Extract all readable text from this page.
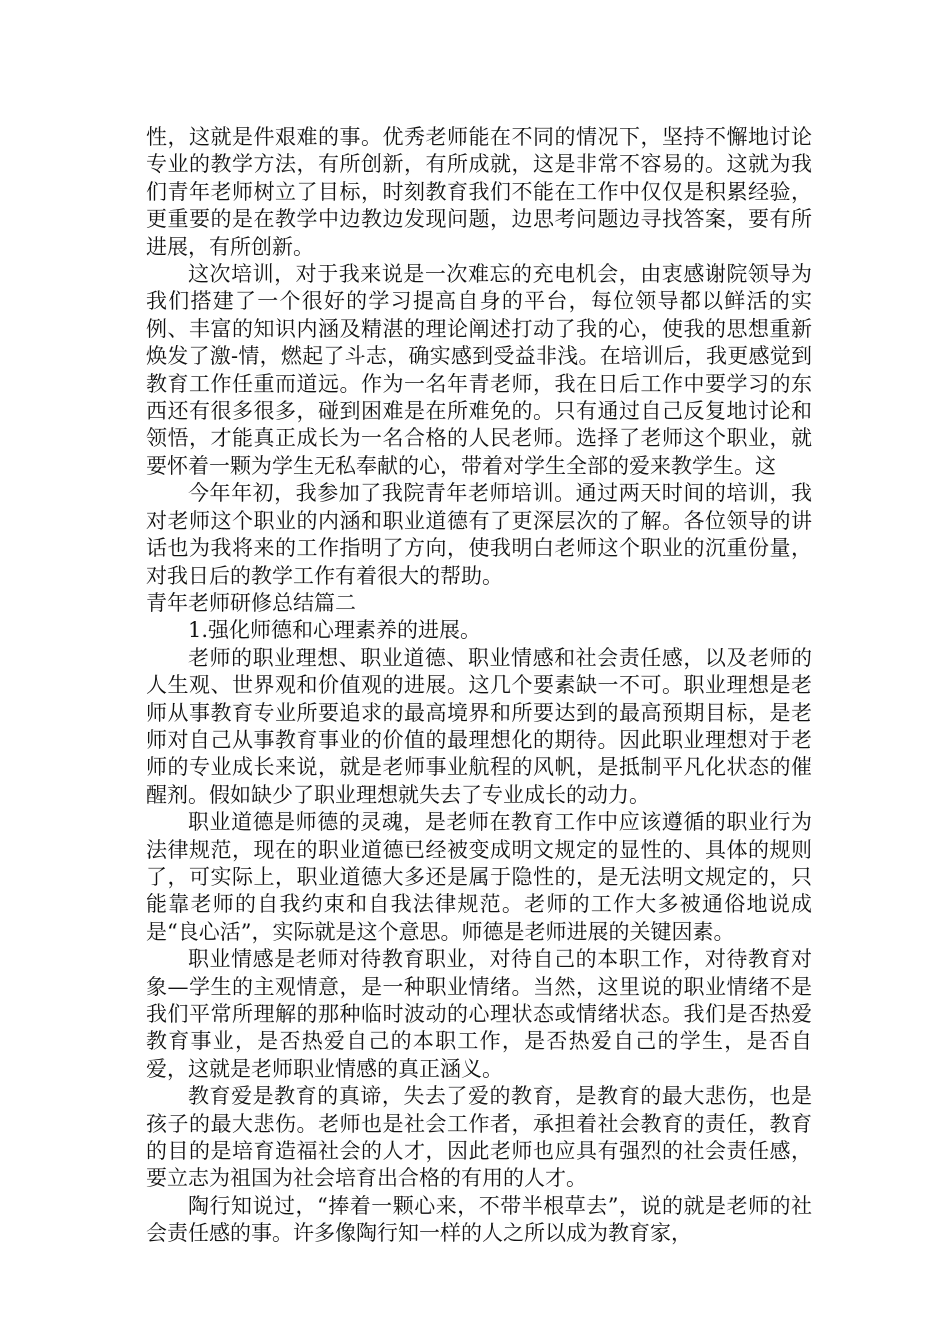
性，这就是件艰难的事。优秀老师能在不同的情况下，坚持不懈地讨论专业的教学方法，有所创新，有所成就，这是非常不容易的。这就为我们青年老师树立了目标，时刻教育我们不能在工作中仅仅是积累经验，更重要的是在教学中边教边发现问题，边思考问题边寻找答案，要有所进展，有所创新。

这次培训，对于我来说是一次难忘的充电机会，由衷感谢院领导为我们搭建了一个很好的学习提高自身的平台，每位领导都以鲜活的实例、丰富的知识内涵及精湛的理论阐述打动了我的心，使我的思想重新焕发了激-情，燃起了斗志，确实感到受益非浅。在培训后，我更感觉到教育工作任重而道远。作为一名年青老师，我在日后工作中要学习的东西还有很多很多，碰到困难是在所难免的。只有通过自己反复地讨论和领悟，才能真正成长为一名合格的人民老师。选择了老师这个职业，就要怀着一颗为学生无私奉献的心，带着对学生全部的爱来教学生。这

今年年初，我参加了我院青年老师培训。通过两天时间的培训，我对老师这个职业的内涵和职业道德有了更深层次的了解。各位领导的讲话也为我将来的工作指明了方向，使我明白老师这个职业的沉重份量，对我日后的教学工作有着很大的帮助。

青年老师研修总结篇二

1.强化师德和心理素养的进展。

老师的职业理想、职业道德、职业情感和社会责任感，以及老师的人生观、世界观和价值观的进展。这几个要素缺一不可。职业理想是老师从事教育专业所要追求的最高境界和所要达到的最高预期目标，是老师对自己从事教育事业的价值的最理想化的期待。因此职业理想对于老师的专业成长来说，就是老师事业航程的风帆，是抵制平凡化状态的催醒剂。假如缺少了职业理想就失去了专业成长的动力。

职业道德是师德的灵魂，是老师在教育工作中应该遵循的职业行为法律规范，现在的职业道德已经被变成明文规定的显性的、具体的规则了，可实际上，职业道德大多还是属于隐性的，是无法明文规定的，只能靠老师的自我约束和自我法律规范。老师的工作大多被通俗地说成是“良心活”，实际就是这个意思。师德是老师进展的关键因素。

职业情感是老师对待教育职业，对待自己的本职工作，对待教育对象—学生的主观情意，是一种职业情绪。当然，这里说的职业情绪不是我们平常所理解的那种临时波动的心理状态或情绪状态。我们是否热爱教育事业，是否热爱自己的本职工作，是否热爱自己的学生，是否自爱，这就是老师职业情感的真正涵义。

教育爱是教育的真谛，失去了爱的教育，是教育的最大悲伤，也是孩子的最大悲伤。老师也是社会工作者，承担着社会教育的责任，教育的目的是培育造福社会的人才，因此老师也应具有强烈的社会责任感，要立志为祖国为社会培育出合格的有用的人才。

陶行知说过，“捧着一颗心来，不带半根草去”，说的就是老师的社会责任感的事。许多像陶行知一样的人之所以成为教育家，
